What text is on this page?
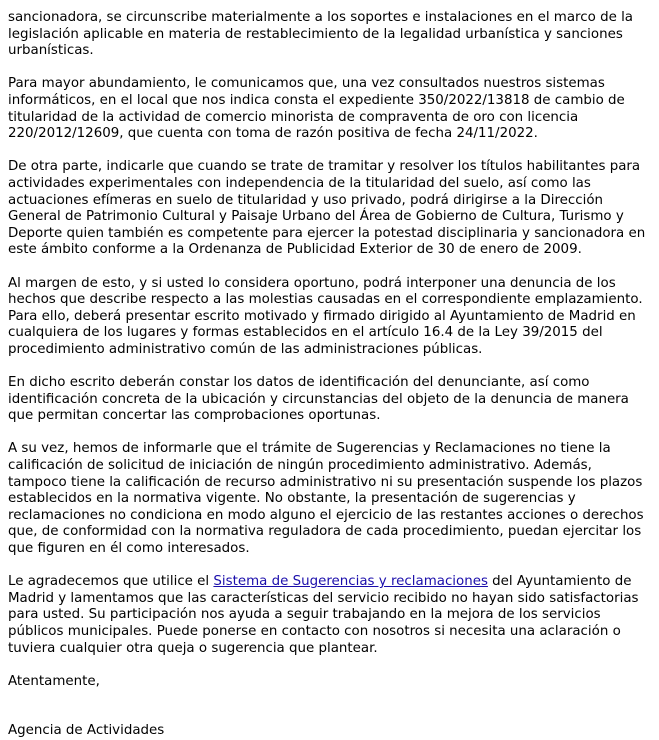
sancionadora, se circunscribe materialmente a los soportes e instalaciones en el marco de la legislación aplicable en materia de restablecimiento de la legalidad urbanística y sanciones urbanísticas.

Para mayor abundamiento, le comunicamos que, una vez consultados nuestros sistemas informáticos, en el local que nos indica consta el expediente 350/2022/13818 de cambio de titularidad de la actividad de comercio minorista de compraventa de oro con licencia 220/2012/12609, que cuenta con toma de razón positiva de fecha 24/11/2022.

De otra parte, indicarle que cuando se trate de tramitar y resolver los títulos habilitantes para actividades experimentales con independencia de la titularidad del suelo, así como las actuaciones efímeras en suelo de titularidad y uso privado, podrá dirigirse a la Dirección General de Patrimonio Cultural y Paisaje Urbano del Área de Gobierno de Cultura, Turismo y Deporte quien también es competente para ejercer la potestad disciplinaria y sancionadora en este ámbito conforme a la Ordenanza de Publicidad Exterior de 30 de enero de 2009.

Al margen de esto, y si usted lo considera oportuno, podrá interponer una denuncia de los hechos que describe respecto a las molestias causadas en el correspondiente emplazamiento. Para ello, deberá presentar escrito motivado y firmado dirigido al Ayuntamiento de Madrid en cualquiera de los lugares y formas establecidos en el artículo 16.4 de la Ley 39/2015 del procedimiento administrativo común de las administraciones públicas.

En dicho escrito deberán constar los datos de identificación del denunciante, así como identificación concreta de la ubicación y circunstancias del objeto de la denuncia de manera que permitan concertar las comprobaciones oportunas.

A su vez, hemos de informarle que el trámite de Sugerencias y Reclamaciones no tiene la calificación de solicitud de iniciación de ningún procedimiento administrativo. Además, tampoco tiene la calificación de recurso administrativo ni su presentación suspende los plazos establecidos en la normativa vigente. No obstante, la presentación de sugerencias y reclamaciones no condiciona en modo alguno el ejercicio de las restantes acciones o derechos que, de conformidad con la normativa reguladora de cada procedimiento, puedan ejercitar los que figuren en él como interesados.

Le agradecemos que utilice el Sistema de Sugerencias y reclamaciones del Ayuntamiento de Madrid y lamentamos que las características del servicio recibido no hayan sido satisfactorias para usted. Su participación nos ayuda a seguir trabajando en la mejora de los servicios públicos municipales. Puede ponerse en contacto con nosotros si necesita una aclaración o tuviera cualquier otra queja o sugerencia que plantear.

Atentamente,

Agencia de Actividades
